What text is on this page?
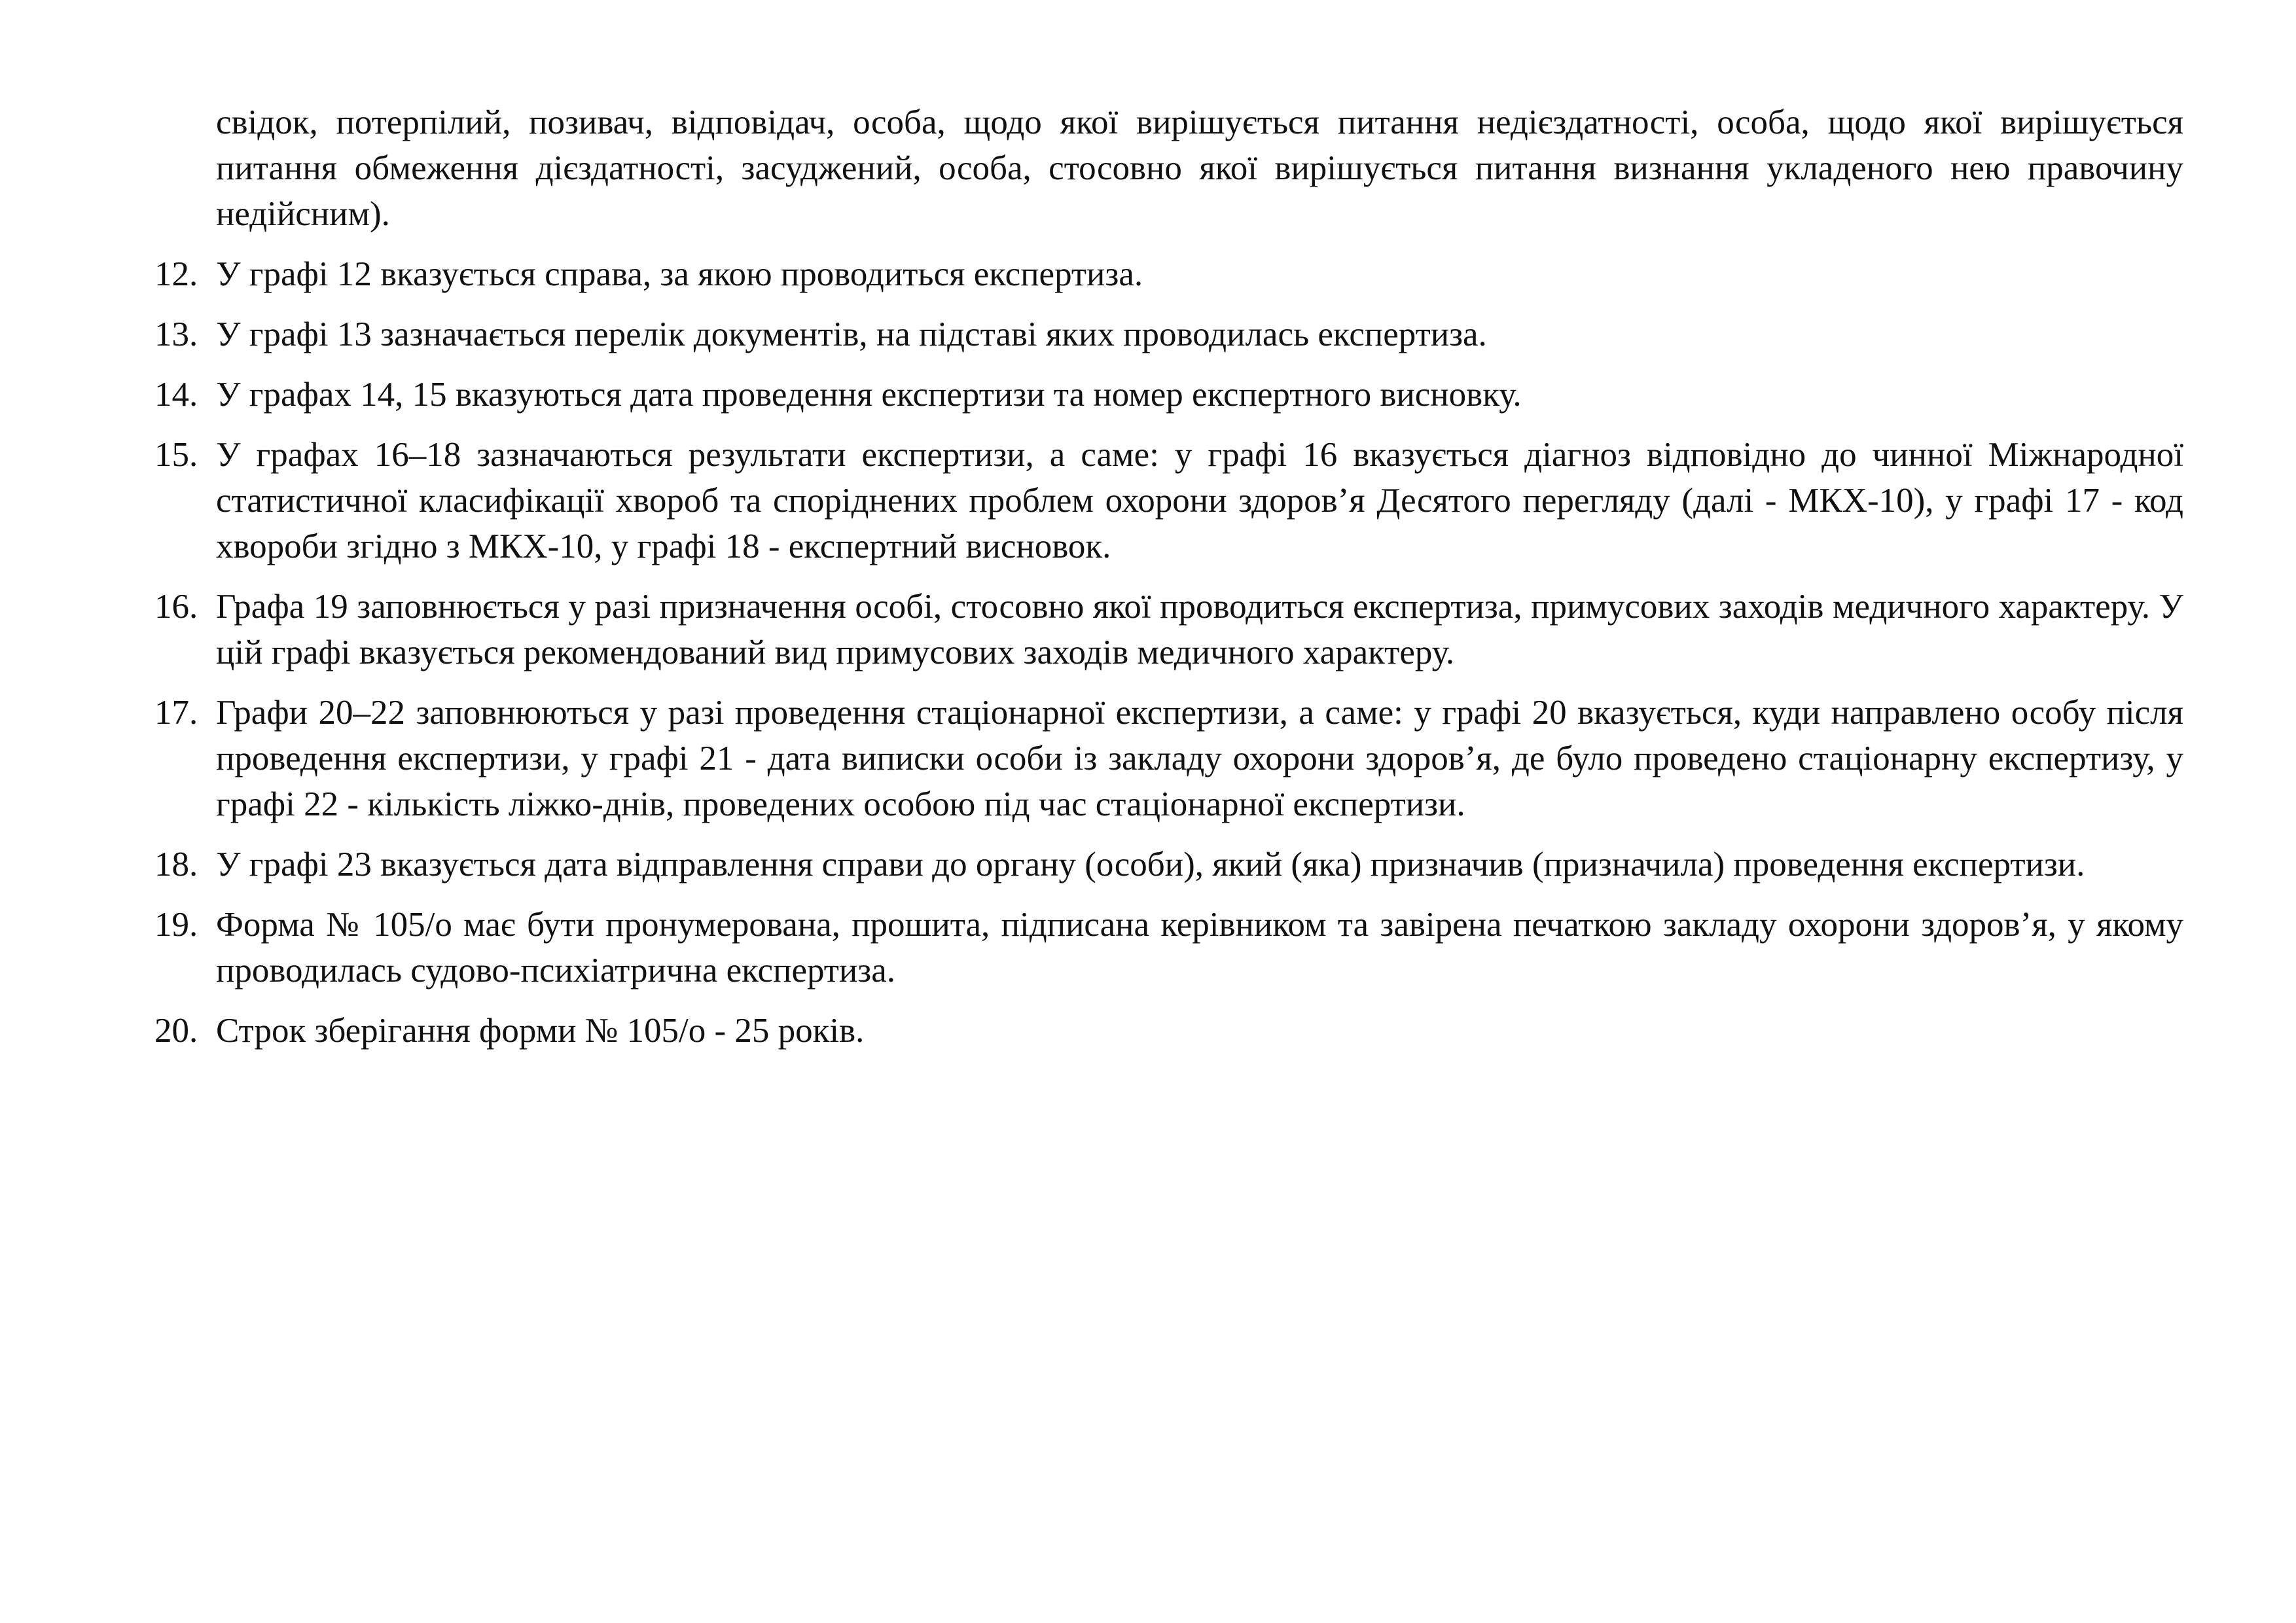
свідок, потерпілий, позивач, відповідач, особа, щодо якої вирішується питання недієздатності, особа, щодо якої вирішується питання обмеження дієздатності, засуджений, особа, стосовно якої вирішується питання визнання укладеного нею правочину недійсним).

12. У графі 12 вказується справа, за якою проводиться експертиза.
13. У графі 13 зазначається перелік документів, на підставі яких проводилась експертиза.
14. У графах 14, 15 вказуються дата проведення експертизи та номер експертного висновку.
15. У графах 16–18 зазначаються результати експертизи, а саме: у графі 16 вказується діагноз відповідно до чинної Міжнародної статистичної класифікації хвороб та споріднених проблем охорони здоров’я Десятого перегляду (далі - МКХ-10), у графі 17 - код хвороби згідно з МКХ-10, у графі 18 - експертний висновок.
16. Графа 19 заповнюється у разі призначення особі, стосовно якої проводиться експертиза, примусових заходів медичного характеру. У цій графі вказується рекомендований вид примусових заходів медичного характеру.
17. Графи 20–22 заповнюються у разі проведення стаціонарної експертизи, а саме: у графі 20 вказується, куди направлено особу після проведення експертизи, у графі 21 - дата виписки особи із закладу охорони здоров’я, де було проведено стаціонарну експертизу, у графі 22 - кількість ліжко-днів, проведених особою під час стаціонарної експертизи.
18. У графі 23 вказується дата відправлення справи до органу (особи), який (яка) призначив (призначила) проведення експертизи.
19. Форма № 105/о має бути пронумерована, прошита, підписана керівником та завірена печаткою закладу охорони здоров’я, у якому проводилась судово-психіатрична експертиза.
20. Строк зберігання форми № 105/о - 25 років.
